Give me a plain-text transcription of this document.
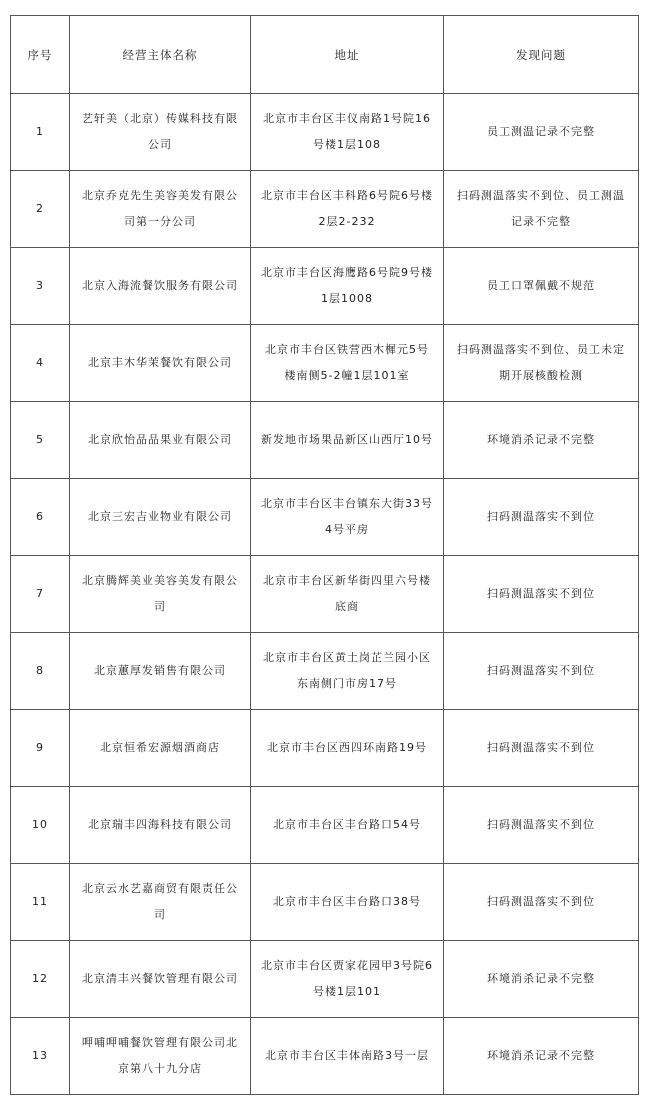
序号	经营主体名称	地址	发现问题
1	艺轩美（北京）传媒科技有限公司	北京市丰台区丰仪南路1号院16号楼1层108	员工测温记录不完整
2	北京乔克先生美容美发有限公司第一分公司	北京市丰台区丰科路6号院6号楼2层2-232	扫码测温落实不到位、员工测温记录不完整
3	北京入海流餐饮服务有限公司	北京市丰台区海鹰路6号院9号楼1层1008	员工口罩佩戴不规范
4	北京丰木华茉餐饮有限公司	北京市丰台区铁营西木樨元5号楼南侧5-2幢1层101室	扫码测温落实不到位、员工未定期开展核酸检测
5	北京欣怡品品果业有限公司	新发地市场果品新区山西厅10号	环境消杀记录不完整
6	北京三宏吉业物业有限公司	北京市丰台区丰台镇东大街33号4号平房	扫码测温落实不到位
7	北京腾辉美业美容美发有限公司	北京市丰台区新华街四里六号楼底商	扫码测温落实不到位
8	北京蕙厚发销售有限公司	北京市丰台区黄土岗芷兰园小区东南侧门市房17号	扫码测温落实不到位
9	北京恒希宏源烟酒商店	北京市丰台区西四环南路19号	扫码测温落实不到位
10	北京瑞丰四海科技有限公司	北京市丰台区丰台路口54号	扫码测温落实不到位
11	北京云水艺嘉商贸有限责任公司	北京市丰台区丰台路口38号	扫码测温落实不到位
12	北京清丰兴餐饮管理有限公司	北京市丰台区贾家花园甲3号院6号楼1层101	环境消杀记录不完整
13	呷哺呷哺餐饮管理有限公司北京第八十九分店	北京市丰台区丰体南路3号一层	环境消杀记录不完整
